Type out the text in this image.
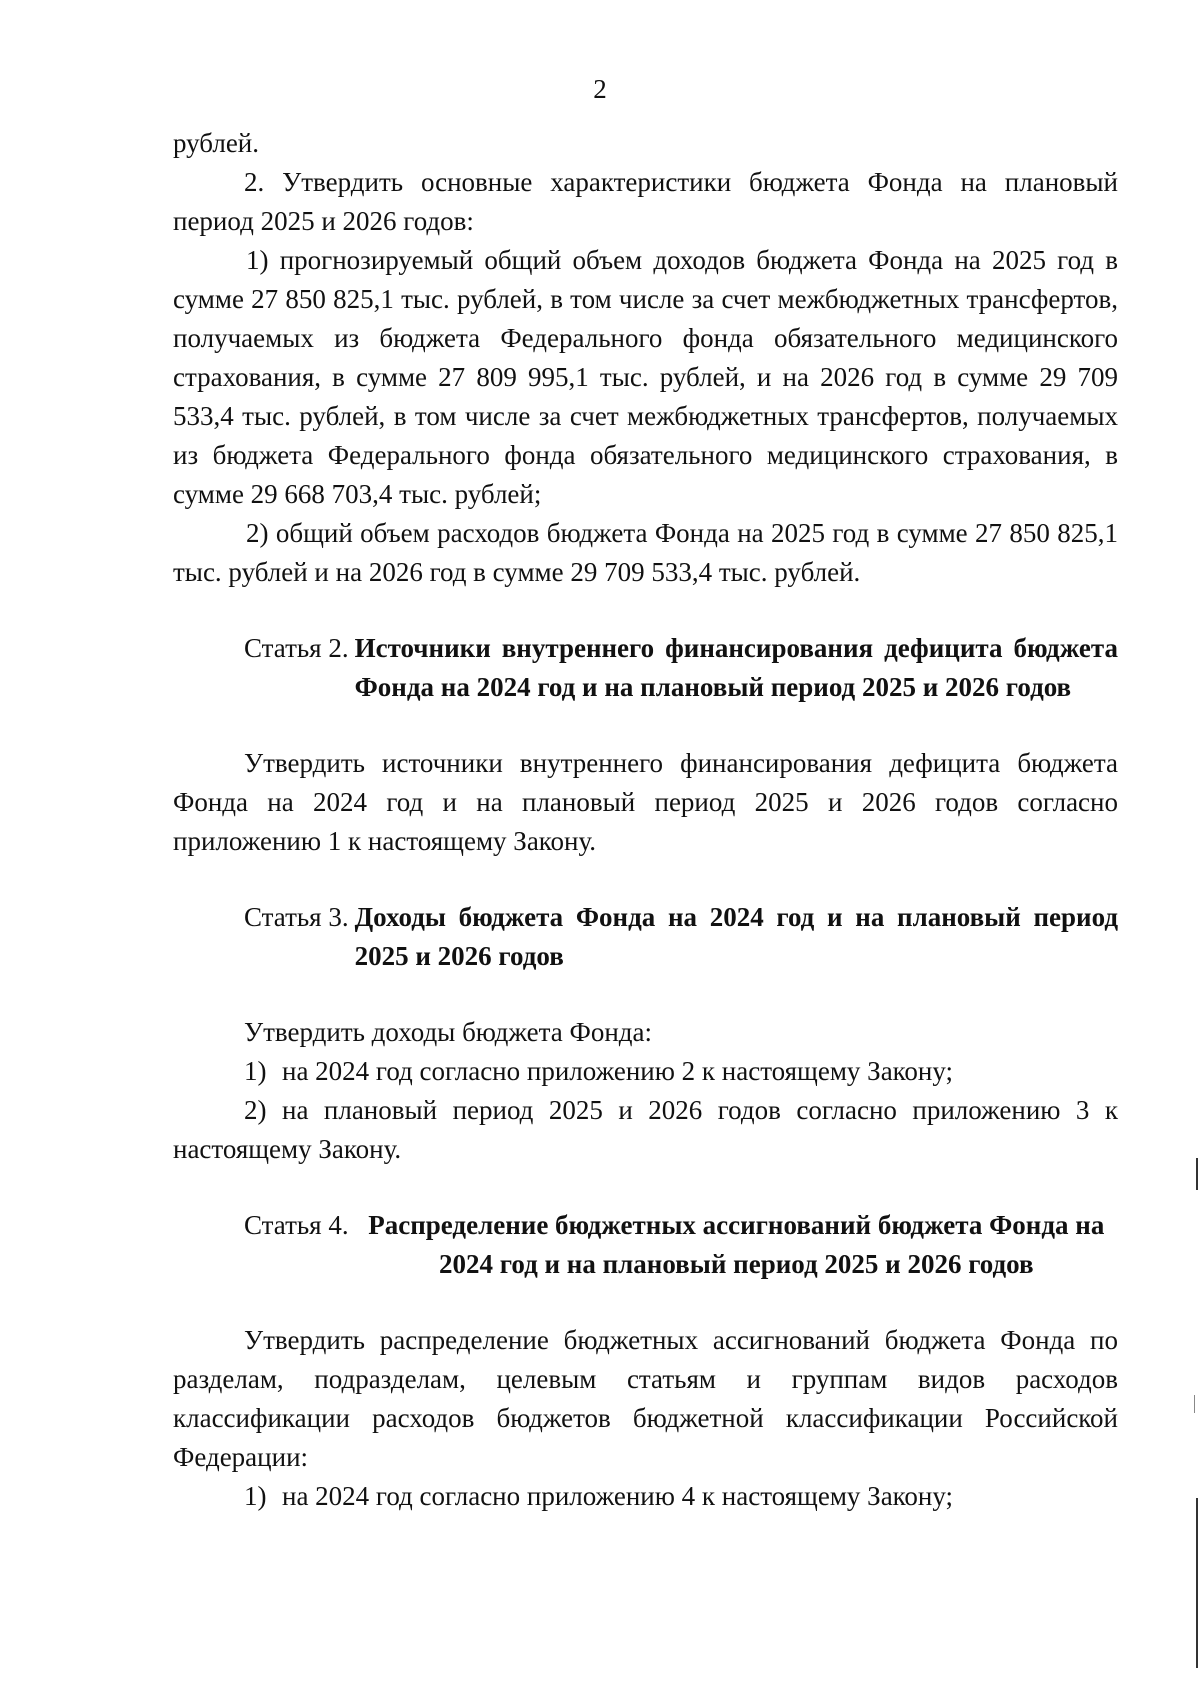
2

рублей.

2. Утвердить основные характеристики бюджета Фонда на плановый период 2025 и 2026 годов:

1) прогнозируемый общий объем доходов бюджета Фонда на 2025 год в сумме 27 850 825,1 тыс. рублей, в том числе за счет межбюджетных трансфертов, получаемых из бюджета Федерального фонда обязательного медицинского страхования, в сумме 27 809 995,1 тыс. рублей, и на 2026 год в сумме 29 709 533,4 тыс. рублей, в том числе за счет межбюджетных трансфертов, получаемых из бюджета Федерального фонда обязательного медицинского страхования, в сумме 29 668 703,4 тыс. рублей;

2) общий объем расходов бюджета Фонда на 2025 год в сумме 27 850 825,1 тыс. рублей и на 2026 год в сумме 29 709 533,4 тыс. рублей.

Статья 2. Источники внутреннего финансирования дефицита бюджета Фонда на 2024 год и на плановый период 2025 и 2026 годов

Утвердить источники внутреннего финансирования дефицита бюджета Фонда на 2024 год и на плановый период 2025 и 2026 годов согласно приложению 1 к настоящему Закону.

Статья 3. Доходы бюджета Фонда на 2024 год и на плановый период 2025 и 2026 годов

Утвердить доходы бюджета Фонда:

1) на 2024 год согласно приложению 2 к настоящему Закону;

2) на плановый период 2025 и 2026 годов согласно приложению 3 к настоящему Закону.

Статья 4. Распределение бюджетных ассигнований бюджета Фонда на 2024 год и на плановый период 2025 и 2026 годов

Утвердить распределение бюджетных ассигнований бюджета Фонда по разделам, подразделам, целевым статьям и группам видов расходов классификации расходов бюджетов бюджетной классификации Российской Федерации:

1) на 2024 год согласно приложению 4 к настоящему Закону;
